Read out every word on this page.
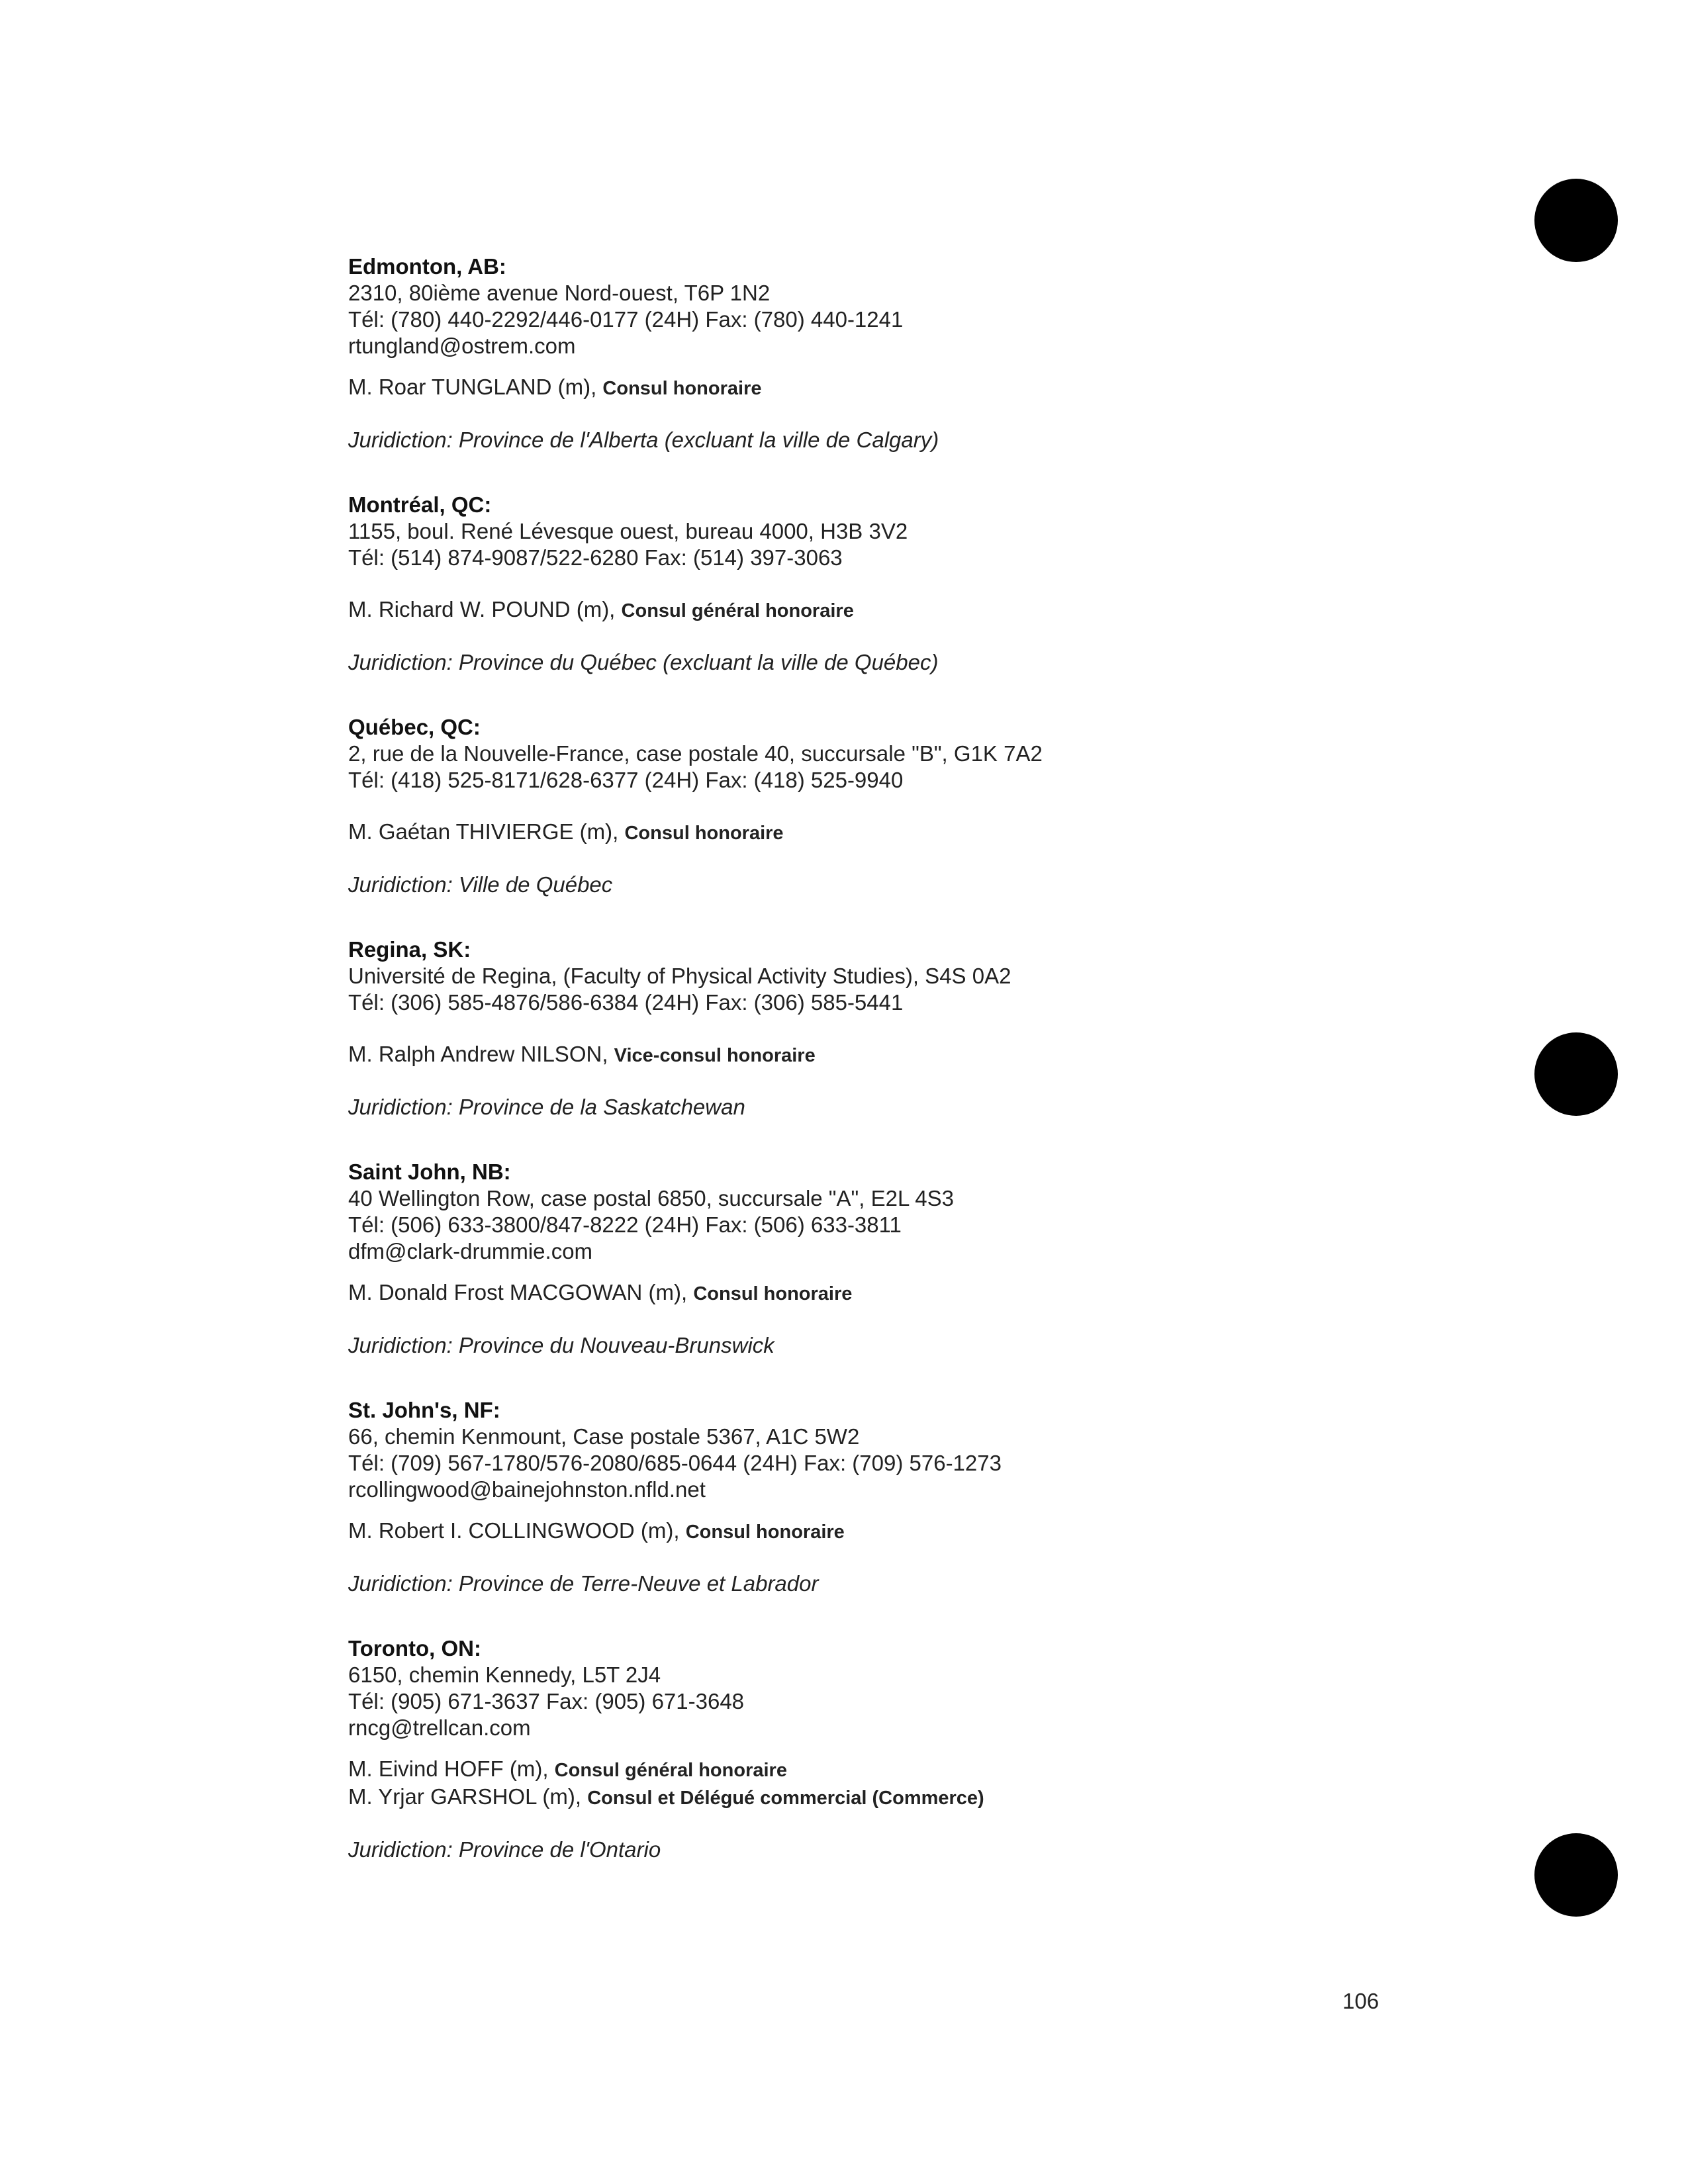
Edmonton, AB:
2310, 80ième avenue Nord-ouest, T6P 1N2
Tél: (780) 440-2292/446-0177 (24H) Fax: (780) 440-1241
rtungland@ostrem.com
M. Roar TUNGLAND (m), Consul honoraire
Juridiction: Province de l'Alberta (excluant la ville de Calgary)
Montréal, QC:
1155, boul. René Lévesque ouest, bureau 4000, H3B 3V2
Tél: (514) 874-9087/522-6280 Fax: (514) 397-3063
M. Richard W. POUND (m), Consul général honoraire
Juridiction: Province du Québec (excluant la ville de Québec)
Québec, QC:
2, rue de la Nouvelle-France, case postale 40, succursale "B", G1K 7A2
Tél: (418) 525-8171/628-6377 (24H) Fax: (418) 525-9940
M. Gaétan THIVIERGE (m), Consul honoraire
Juridiction: Ville de Québec
Regina, SK:
Université de Regina, (Faculty of Physical Activity Studies), S4S 0A2
Tél: (306) 585-4876/586-6384 (24H) Fax: (306) 585-5441
M. Ralph Andrew NILSON, Vice-consul honoraire
Juridiction: Province de la Saskatchewan
Saint John, NB:
40 Wellington Row, case postal 6850, succursale "A", E2L 4S3
Tél: (506) 633-3800/847-8222 (24H) Fax: (506) 633-3811
dfm@clark-drummie.com
M. Donald Frost MACGOWAN (m), Consul honoraire
Juridiction: Province du Nouveau-Brunswick
St. John's, NF:
66, chemin Kenmount, Case postale 5367, A1C 5W2
Tél: (709) 567-1780/576-2080/685-0644 (24H) Fax: (709) 576-1273
rcollingwood@bainejohnston.nfld.net
M. Robert I. COLLINGWOOD (m), Consul honoraire
Juridiction: Province de Terre-Neuve et Labrador
Toronto, ON:
6150, chemin Kennedy, L5T 2J4
Tél: (905) 671-3637 Fax: (905) 671-3648
rncg@trellcan.com
M. Eivind HOFF (m), Consul général honoraire
M. Yrjar GARSHOL (m), Consul et Délégué commercial (Commerce)
Juridiction: Province de l'Ontario
106
